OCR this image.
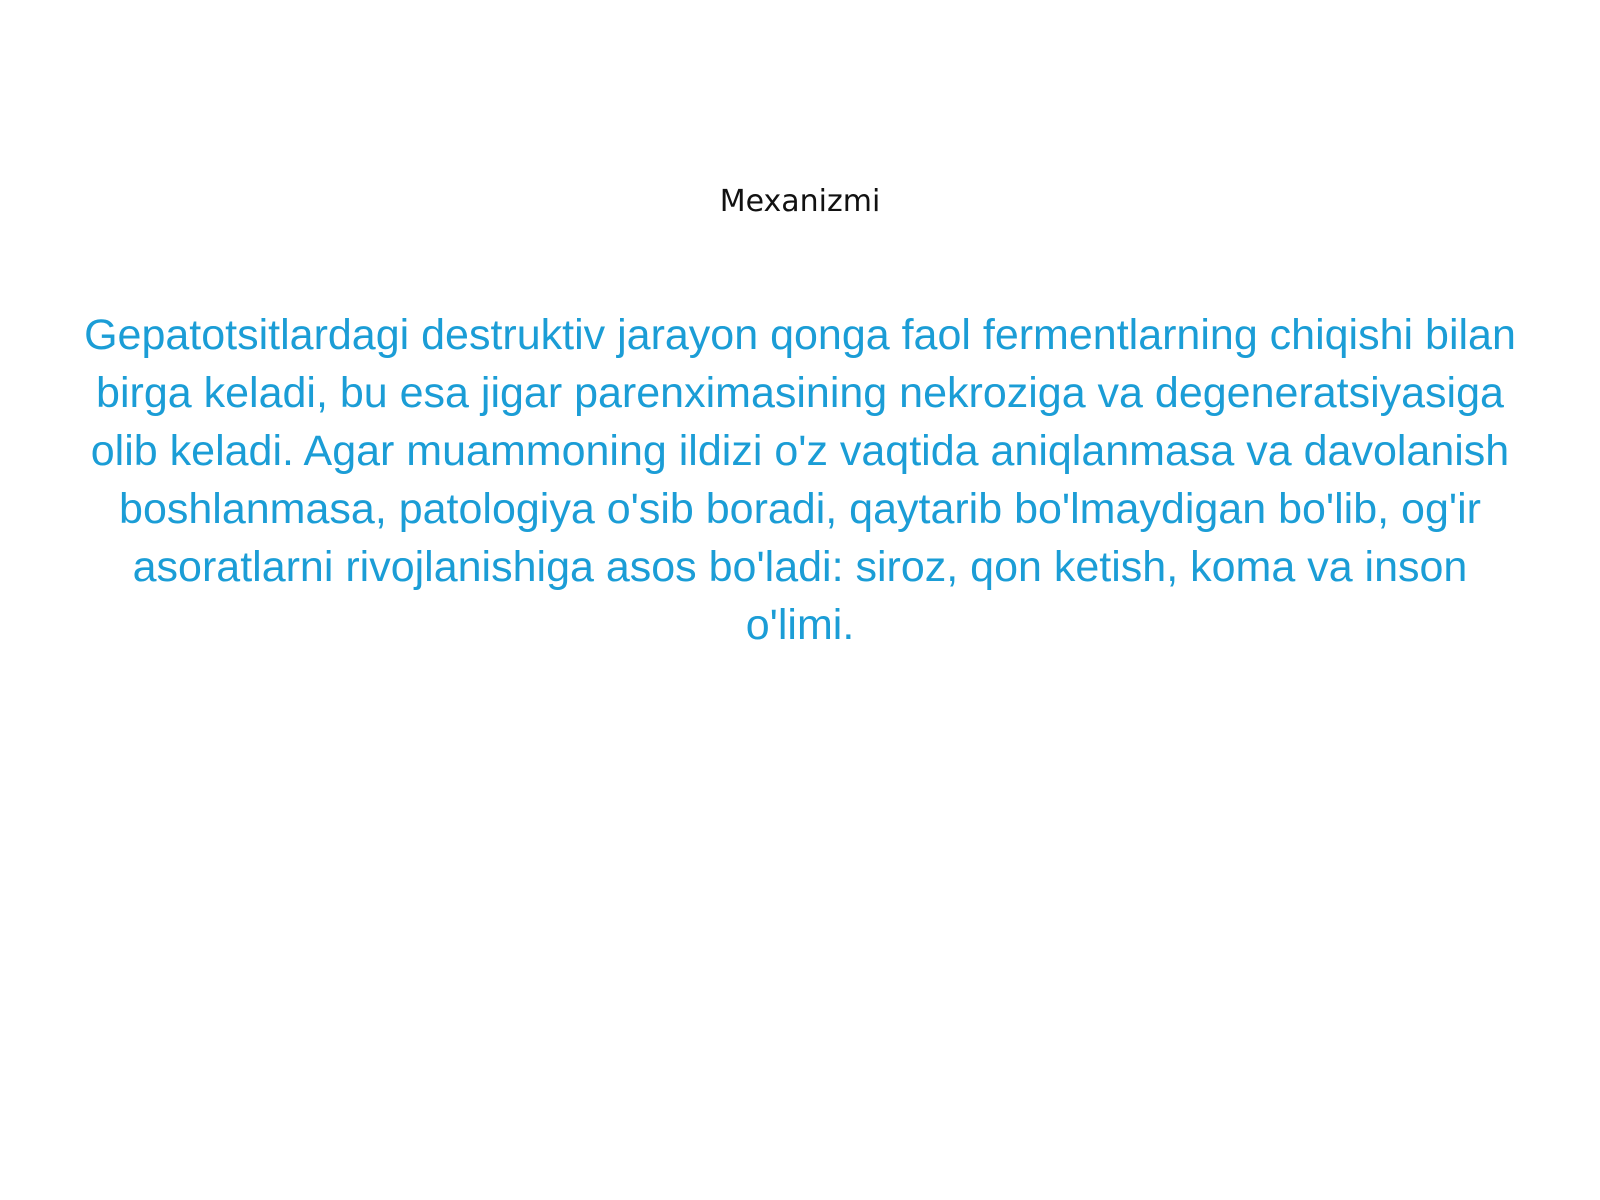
Mexanizmi
Gepatotsitlardagi destruktiv jarayon qonga faol fermentlarning chiqishi bilan birga keladi, bu esa jigar parenximasining nekroziga va degeneratsiyasiga olib keladi. Agar muammoning ildizi o'z vaqtida aniqlanmasa va davolanish boshlanmasa, patologiya o'sib boradi, qaytarib bo'lmaydigan bo'lib, og'ir asoratlarni rivojlanishiga asos bo'ladi: siroz, qon ketish, koma va inson o'limi.
